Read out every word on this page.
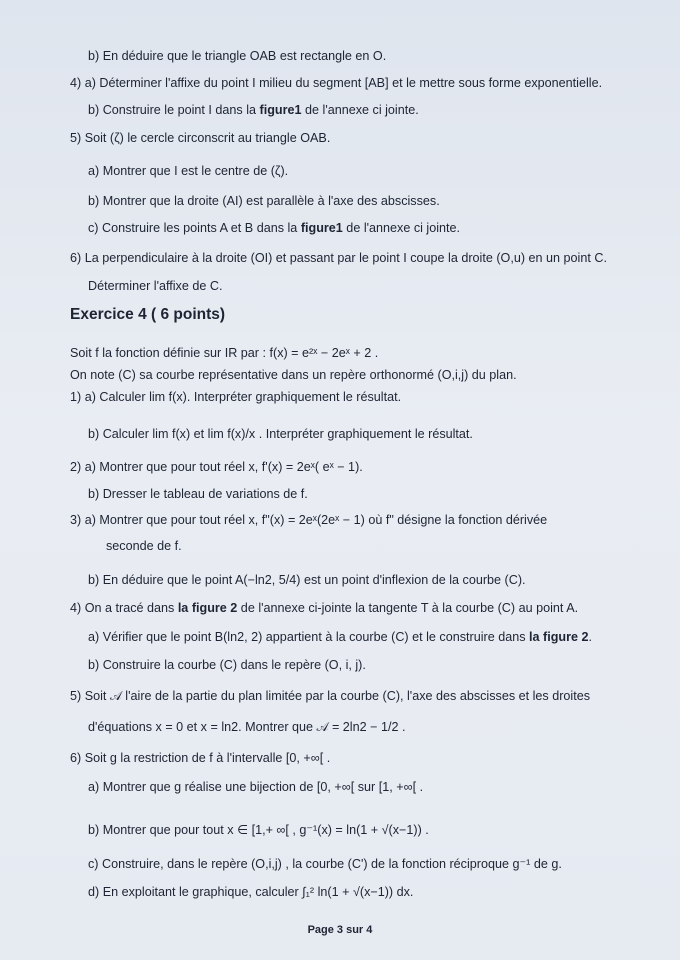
b) En déduire que le triangle OAB est rectangle en O.
4) a) Déterminer l'affixe du point I milieu du segment [AB] et le mettre sous forme exponentielle.
b) Construire le point I dans la figure1 de l'annexe ci jointe.
5) Soit (ζ) le cercle circonscrit au triangle OAB.
a) Montrer que I est le centre de (ζ).
b) Montrer que la droite (AI) est parallèle à l'axe des abscisses.
c) Construire les points A et B dans la figure1 de l'annexe ci jointe.
6) La perpendiculaire à la droite (OI) et passant par le point I coupe la droite (O,u) en un point C.
Déterminer l'affixe de C.
Soit f la fonction définie sur IR par : f(x) = e²ˣ − 2eˣ + 2 .
On note (C) sa courbe représentative dans un repère orthonormé (O,i,j) du plan.
1) a) Calculer lim f(x). Interpréter graphiquement le résultat.
b) Calculer lim f(x) et lim f(x)/x . Interpréter graphiquement le résultat.
2) a) Montrer que pour tout réel x, f'(x) = 2eˣ( eˣ − 1).
b) Dresser le tableau de variations de f.
3) a) Montrer que pour tout réel x, f"(x) = 2eˣ(2eˣ − 1) où f" désigne la fonction dérivée
seconde de f.
b) En déduire que le point A(−ln2, 5/4) est un point d'inflexion de la courbe (C).
4) On a tracé dans la figure 2 de l'annexe ci-jointe la tangente T à la courbe (C) au point A.
a) Vérifier que le point B(ln2, 2) appartient à la courbe (C) et le construire dans la figure 2.
b) Construire la courbe (C) dans le repère (O, i, j).
5) Soit 𝒜 l'aire de la partie du plan limitée par la courbe (C), l'axe des abscisses et les droites
d'équations x = 0 et x = ln2. Montrer que 𝒜 = 2ln2 − 1/2 .
6) Soit g la restriction de f à l'intervalle [0, +∞[ .
a) Montrer que g réalise une bijection de [0, +∞[ sur [1, +∞[ .
b) Montrer que pour tout x ∈ [1,+ ∞[ , g⁻¹(x) = ln(1 + √(x−1)) .
c) Construire, dans le repère (O,i,j) , la courbe (C') de la fonction réciproque g⁻¹ de g.
d) En exploitant le graphique, calculer ∫₁² ln(1 + √(x−1)) dx.
Exercice 4 ( 6 points)
Page 3 sur 4
